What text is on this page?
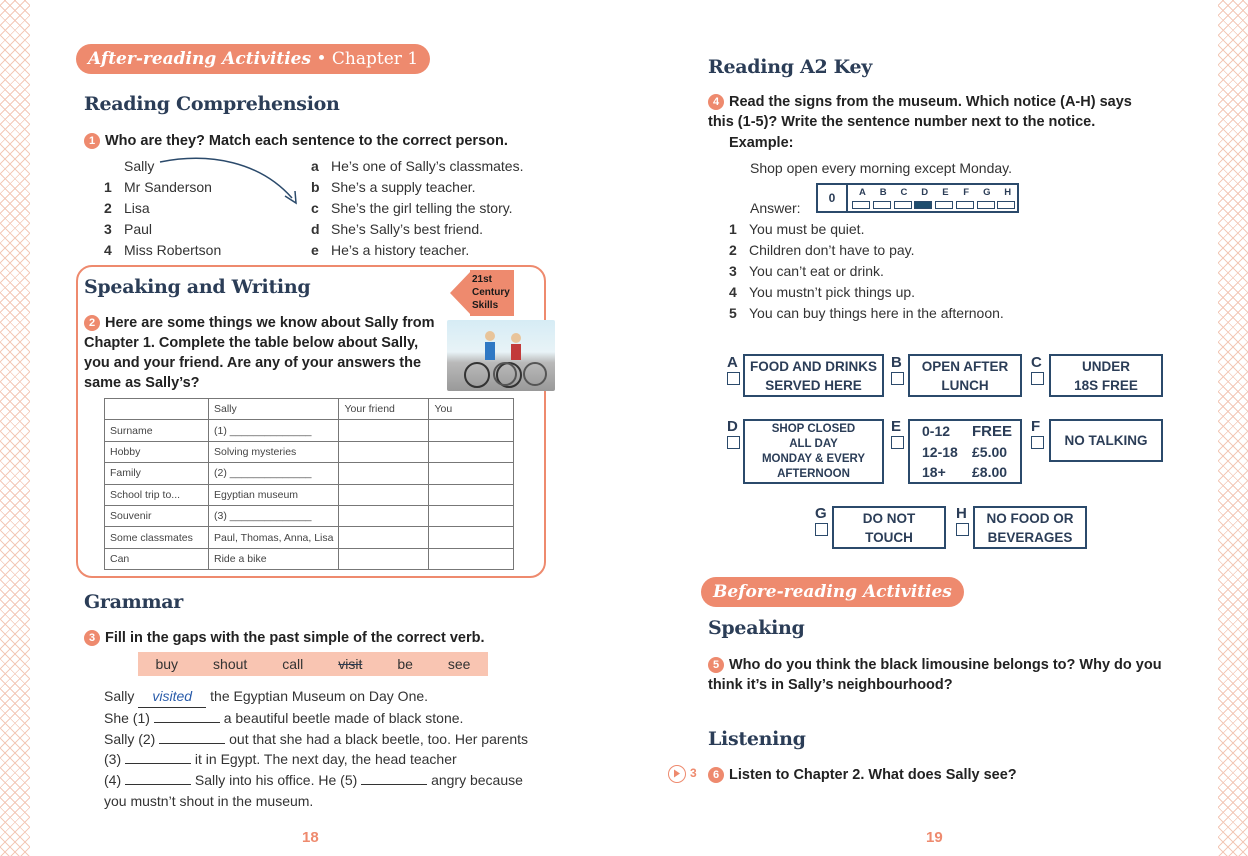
After-reading Activities • Chapter 1
Reading Comprehension
1 Who are they? Match each sentence to the correct person.
Sally
1 Mr Sanderson
2 Lisa
3 Paul
4 Miss Robertson
a He’s one of Sally’s classmates.
b She’s a supply teacher.
c She’s the girl telling the story.
d She’s Sally’s best friend.
e He’s a history teacher.
Speaking and Writing	21st
Century
Skills
2 Here are some things we know about Sally from Chapter 1. Complete the table below about Sally, you and your friend. Are any of your answers the same as Sally’s?
	Sally	Your friend	You
Surname	(1) ______________		
Hobby	Solving mysteries		
Family	(2) ______________		
School trip to...	Egyptian museum		
Souvenir	(3) ______________		
Some classmates	Paul, Thomas, Anna, Lisa		
Can	Ride a bike		
Grammar
3 Fill in the gaps with the past simple of the correct verb.
buy shout call visit be see
Sally visited the Egyptian Museum on Day One.
She (1)	a beautiful beetle made of black stone.
Sally (2)	out that she had a black beetle, too. Her parents
(3)	it in Egypt. The next day, the head teacher
(4)	Sally into his office. He (5)	angry because
you mustn’t shout in the museum.
18
Reading A2 Key
4 Read the signs from the museum. Which notice (A-H) says this (1-5)? Write the sentence number next to the notice.
Example:
Shop open every morning except Monday.
Answer:
0	A	B	C	D	E	F	G	H
1 You must be quiet.
2 Children don’t have to pay.
3 You can’t eat or drink.
4 You mustn’t pick things up.
5 You can buy things here in the afternoon.
A FOOD AND DRINKS
SERVED HERE
B OPEN AFTER
LUNCH
C	UNDER
18S FREE
D	SHOP CLOSED
ALL DAY
MONDAY & EVERY
AFTERNOON
E 0-12 FREE
12-18 £5.00
18+ £8.00
F
NO TALKING
G	DO NOT
TOUCH
H NO FOOD OR
BEVERAGES
Before-reading Activities
Speaking
5 Who do you think the black limousine belongs to? Why do you think it’s in Sally’s neighbourhood?
Listening
3	6 Listen to Chapter 2. What does Sally see?
19
